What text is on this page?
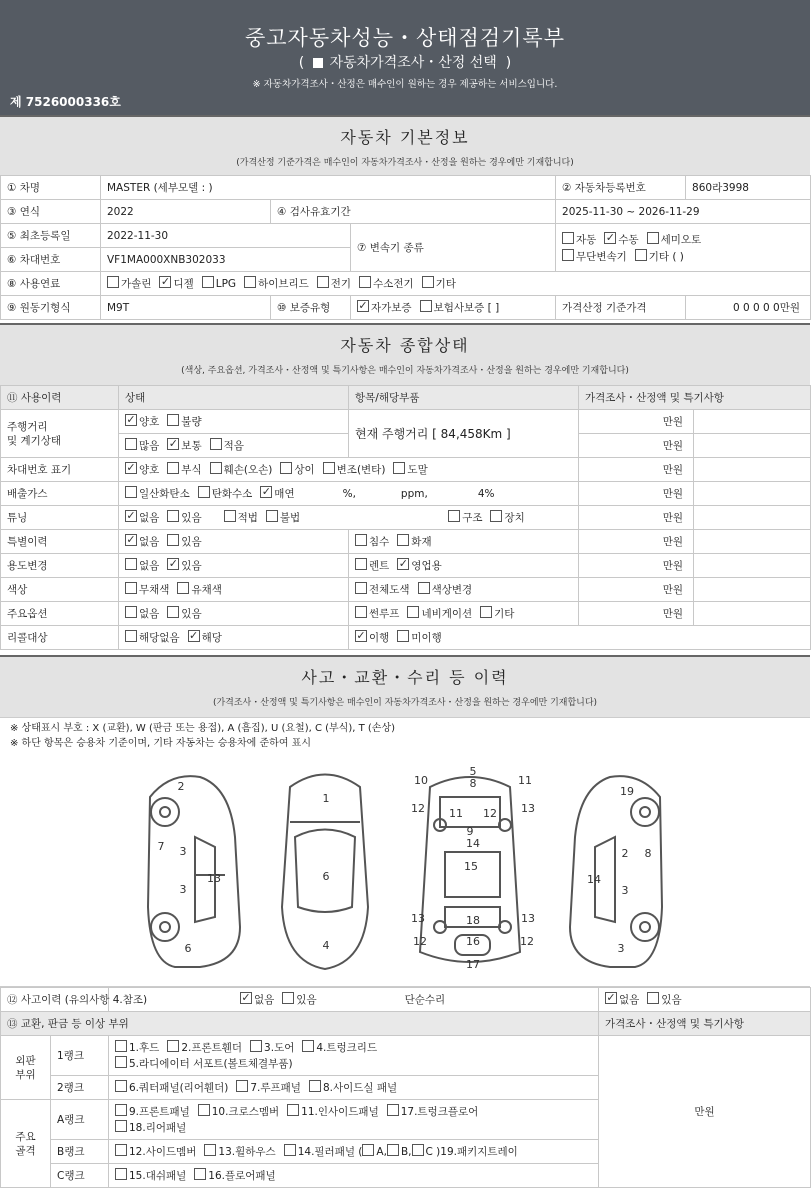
중고자동차성능・상태점검기록부
( 자동차가격조사・산정 선택 )
※ 자동차가격조사・산정은 매수인이 원하는 경우 제공하는 서비스입니다.
제 7526000336호
자동차 기본정보
(가격산정 기준가격은 매수인이 자동차가격조사・산정을 원하는 경우에만 기재합니다)
① 차명	MASTER (세부모델 : )			② 자동차등록번호	860라3998
③ 연식	2022	④ 검사유효기간		2025-11-30 ~ 2026-11-29	
⑤ 최초등록일	2022-11-30		⑦ 변속기 종류	자동 ✓ 수동 세미오토
무단변속기 기타 ( )
⑥ 차대번호	VF1MA000XNB302033				
⑧ 사용연료	가솔린 ✓ 디젤 LPG 하이브리드 전기 수소전기 기타
⑨ 원동기형식	M9T	⑩ 보증유형	✓자가보증 보험사보증 [ ]	가격산정 기준가격	0 0 0 0 0만원
자동차 종합상태
(색상, 주요옵션, 가격조사・산정액 및 특기사항은 매수인이 자동차가격조사・산정을 원하는 경우에만 기재합니다)
⑪ 사용이력	상태	항목/해당부품	가격조사・산정액 및 특기사항	
주행거리
및 계기상태	✓양호 불량	현재 주행거리 [ 84,458Km ]	만원	
	많음 ✓ 보통 적음		만원	
차대번호 표기	✓양호 부식 훼손(오손) 상이 변조(변타) 도말		만원	
배출가스	일산화탄소 탄화수소 ✓ 매연 %, ppm, 4%		만원	
튜닝	✓없음 있음 적법 불법 구조 장치		만원	
특별이력	✓없음 있음	침수 화재	만원	
용도변경	없음 ✓ 있음	렌트 ✓ 영업용	만원	
색상	무채색 유채색	전체도색 색상변경	만원	
주요옵션	없음 있음	썬루프 네비게이션 기타	만원	
리콜대상	해당없음 ✓ 해당	✓이행 미이행
사고・교환・수리 등 이력
(가격조사・산정액 및 특기사항은 매수인이 자동차가격조사・산정을 원하는 경우에만 기재합니다)
※ 상태표시 부호 : X (교환), W (판금 또는 용접), A (흠집), U (요철), C (부식), T (손상)
※ 하단 항목은 승용차 기준이며, 기타 자동차는 승용차에 준하여 표시
1
2
3
3
4
5
6
6
7
8
8
9
10	11
11 12
12	12
12	13
13	13
13	14
14
15
16
17
18
19
2
3
3
⑫ 사고이력 (유의사항 4.참조)	✓없음 있음 단순수리	✓없음 있음
⑬ 교환, 판금 등 이상 부위			가격조사・산정액 및 특기사항
외판
부위	1랭크	1.후드 2.프론트휀더 3.도어 4.트렁크리드
5.라디에이터 서포트(볼트체결부품)	만원
	2랭크	6.쿼터패널(리어휀더) 7.루프패널 8.사이드실 패널	
주요
골격	A랭크	9.프론트패널 10.크로스멤버 11.인사이드패널 17.트렁크플로어
18.리어패널	
	B랭크	12.사이드멤버 13.휠하우스 14.필러패널 ( A, B, C )19.패키지트레이	
	C랭크	15.대쉬패널 16.플로어패널	
